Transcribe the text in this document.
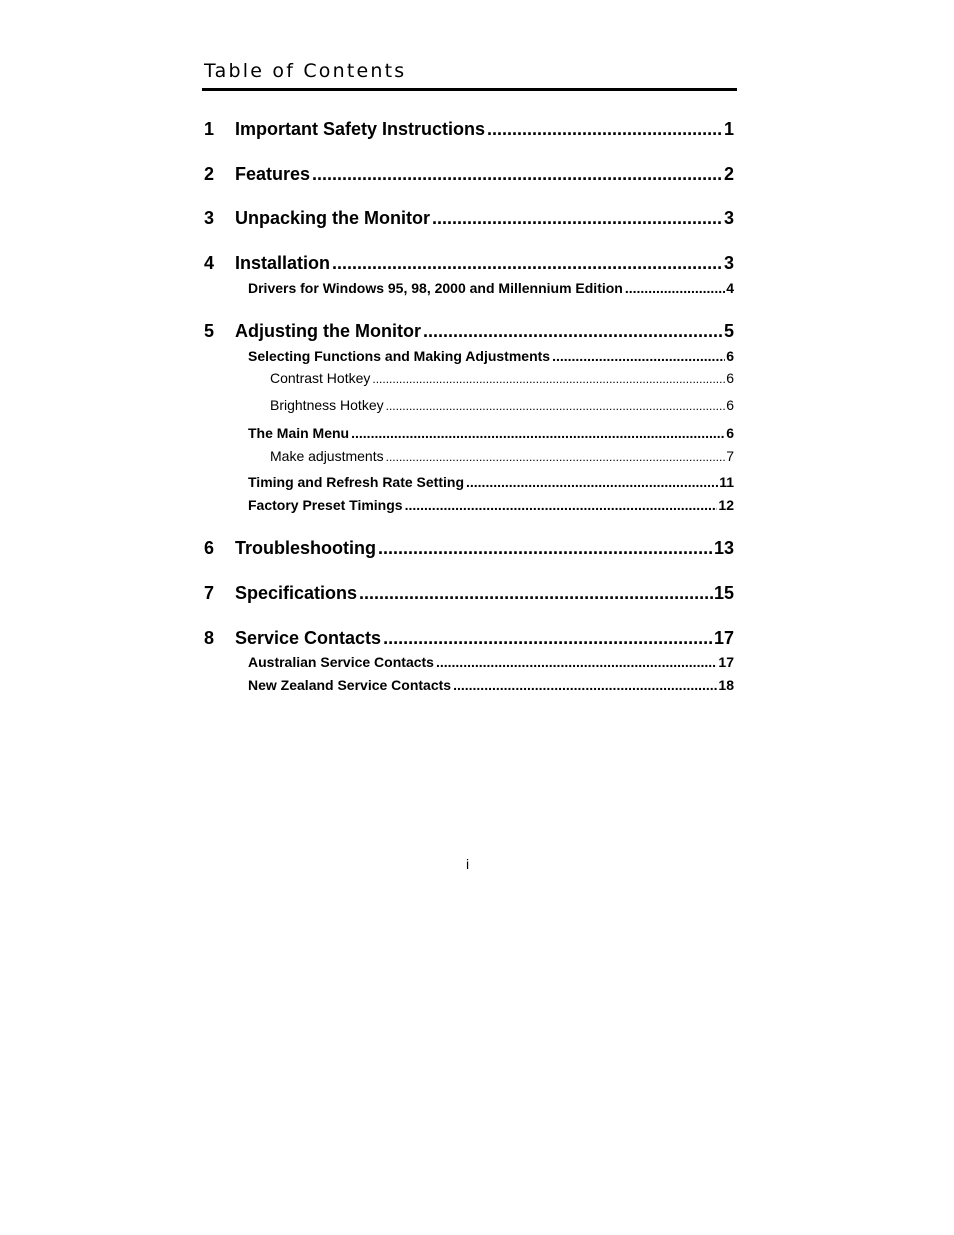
Table of Contents
1 Important Safety Instructions .....	1
2 Features .....	2
3 Unpacking the Monitor .....	3
4 Installation .....	3
Drivers for Windows 95, 98, 2000 and Millennium Edition .....	4
5 Adjusting the Monitor .....	5
Selecting Functions and Making Adjustments .....	6
Contrast Hotkey .....	6
Brightness Hotkey .....	6
The Main Menu .....	6
Make adjustments .....	7
Timing and Refresh Rate Setting .....	11
Factory Preset Timings .....	12
6 Troubleshooting .....	13
7 Specifications .....	15
8 Service Contacts .....	17
Australian Service Contacts .....	17
New Zealand Service Contacts .....	18
i
